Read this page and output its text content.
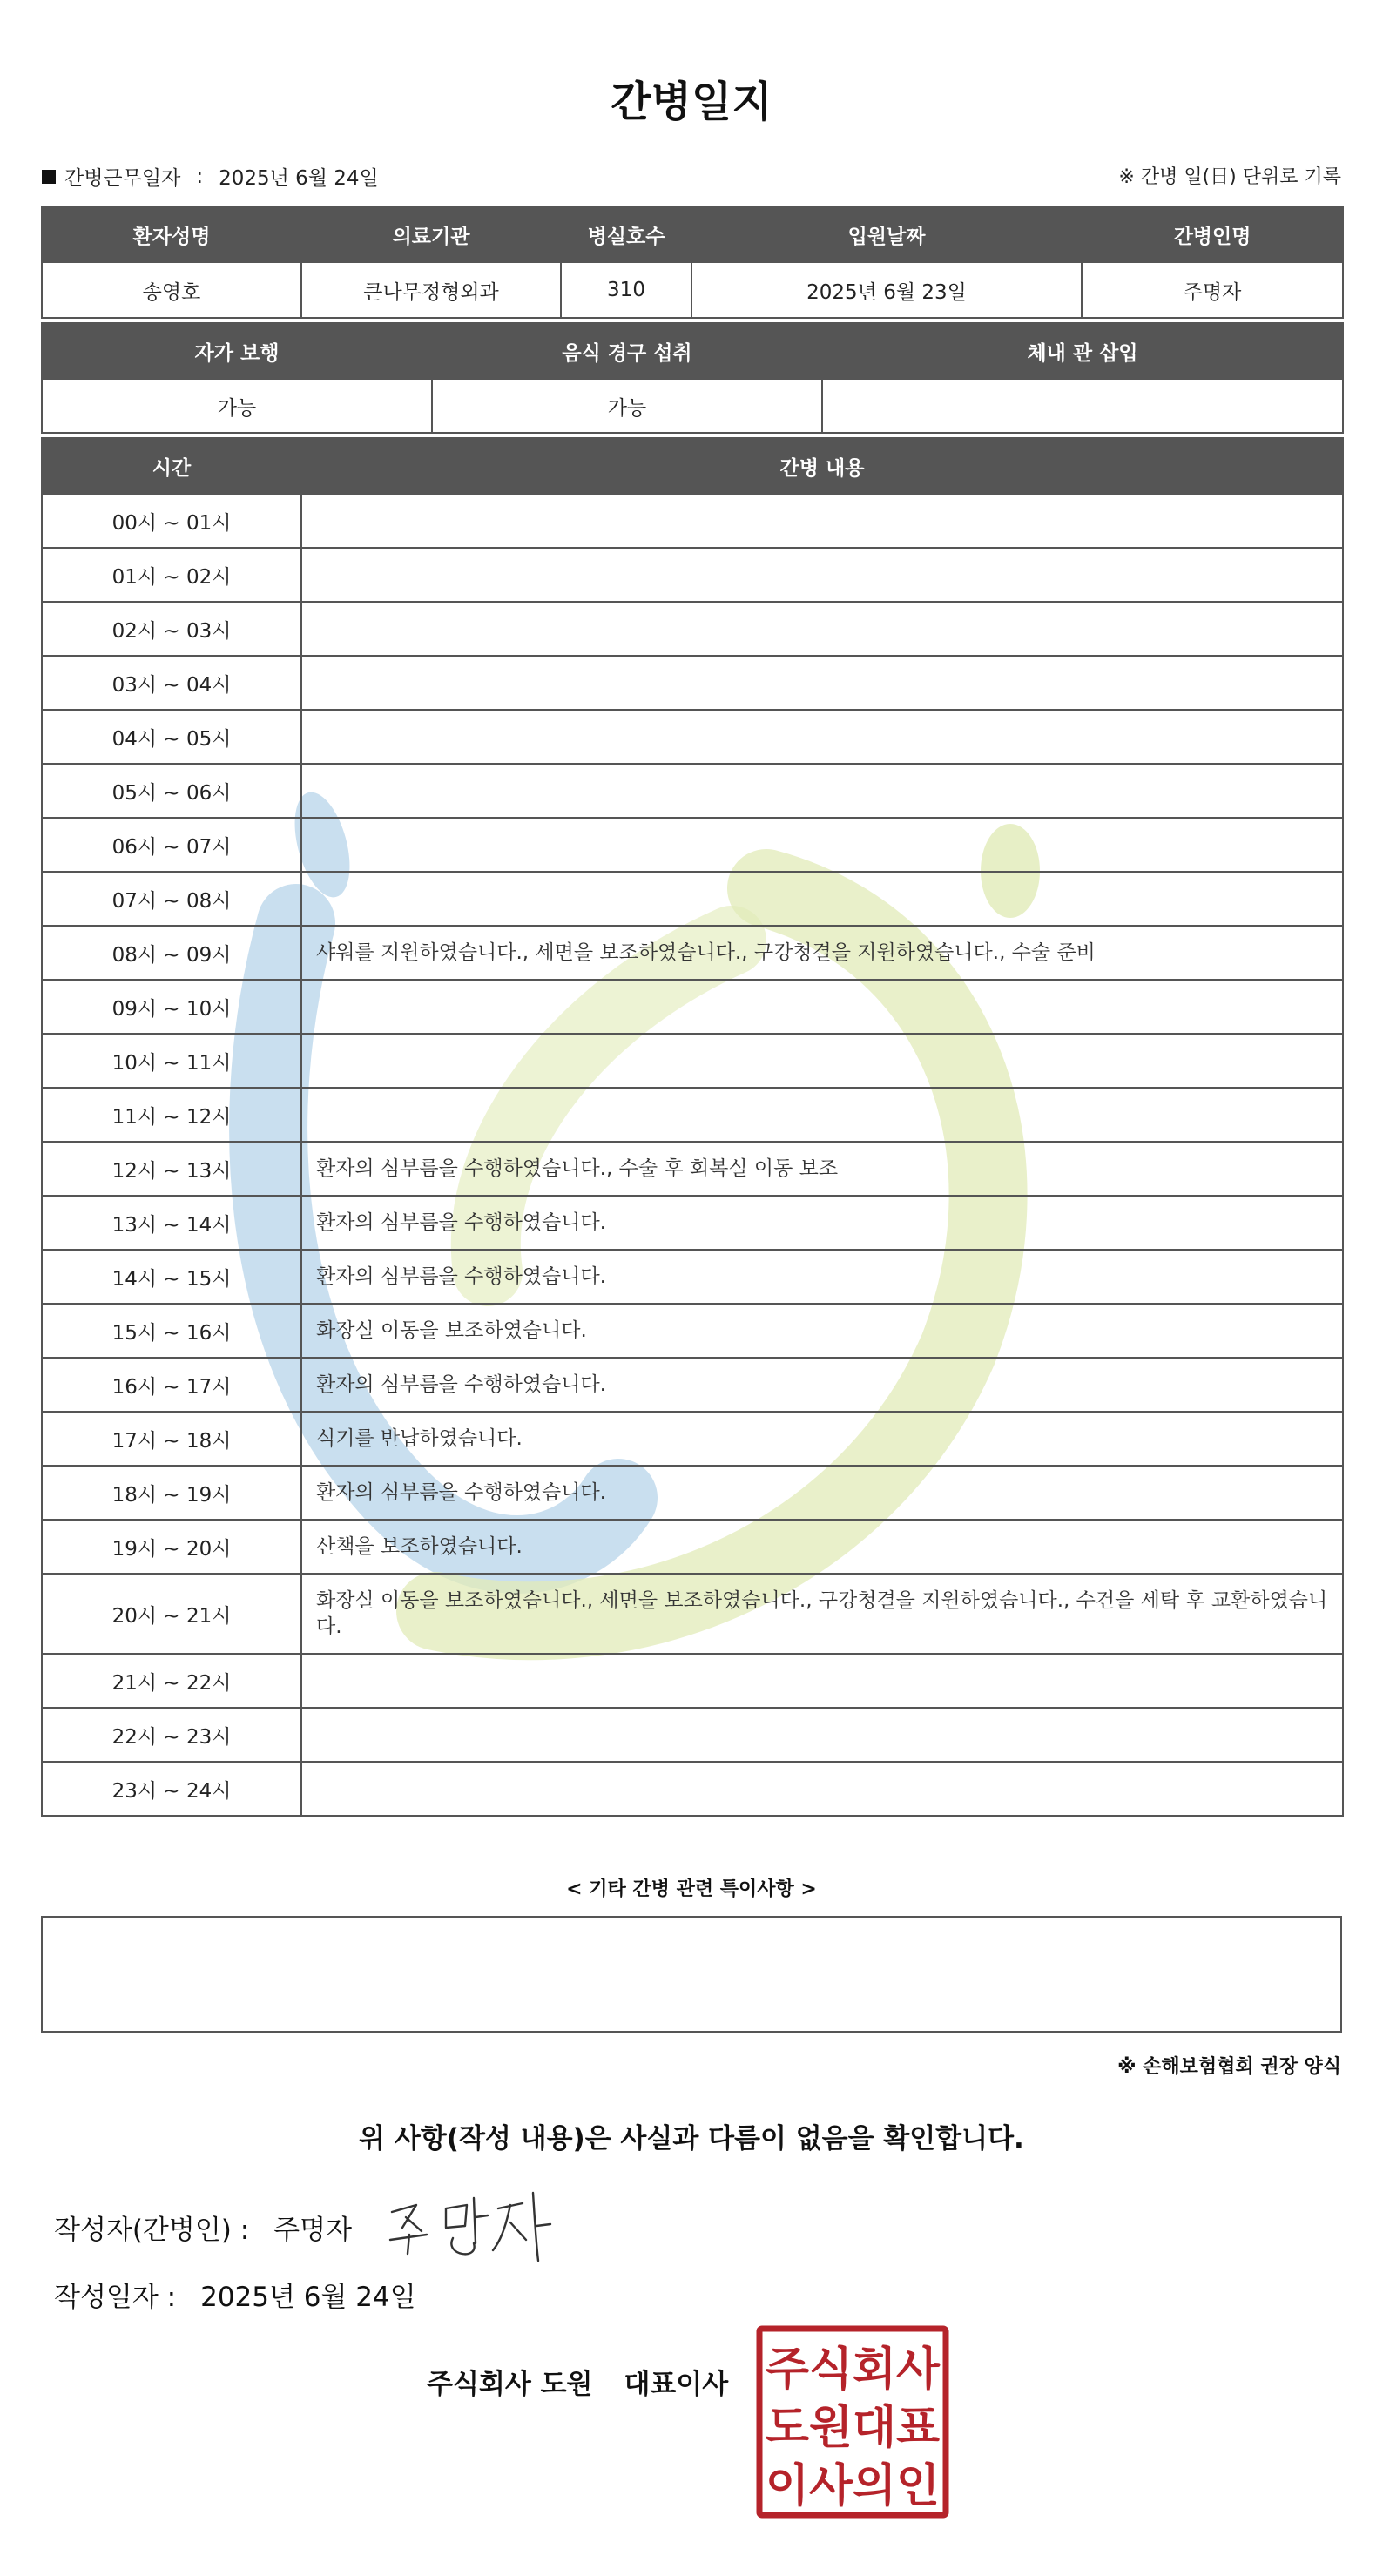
간병일지
간병근무일자 : 2025년 6월 24일	※ 간병 일(日) 단위로 기록
환자성명	의료기관	병실호수	입원날짜	간병인명
송영호	큰나무정형외과	310	2025년 6월 23일	주명자
자가 보행	음식 경구 섭취	체내 관 삽입
가능	가능	
시간	간병 내용
00시 ~ 01시	
01시 ~ 02시	
02시 ~ 03시	
03시 ~ 04시	
04시 ~ 05시	
05시 ~ 06시	
06시 ~ 07시	
07시 ~ 08시	
08시 ~ 09시	샤워를 지원하였습니다., 세면을 보조하였습니다., 구강청결을 지원하였습니다., 수술 준비
09시 ~ 10시	
10시 ~ 11시	
11시 ~ 12시	
12시 ~ 13시	환자의 심부름을 수행하였습니다., 수술 후 회복실 이동 보조
13시 ~ 14시	환자의 심부름을 수행하였습니다.
14시 ~ 15시	환자의 심부름을 수행하였습니다.
15시 ~ 16시	화장실 이동을 보조하였습니다.
16시 ~ 17시	환자의 심부름을 수행하였습니다.
17시 ~ 18시	식기를 반납하였습니다.
18시 ~ 19시	환자의 심부름을 수행하였습니다.
19시 ~ 20시	산책을 보조하였습니다.
20시 ~ 21시	화장실 이동을 보조하였습니다., 세면을 보조하였습니다., 구강청결을 지원하였습니다., 수건을 세탁 후 교환하였습니다.
21시 ~ 22시	
22시 ~ 23시	
23시 ~ 24시	
< 기타 간병 관련 특이사항 >
※ 손해보험협회 권장 양식
위 사항(작성 내용)은 사실과 다름이 없음을 확인합니다.
작성자(간병인) : 주명자
작성일자 : 2025년 6월 24일
주식회사 도원 대표이사 주식회사
도원대표
이사의인
